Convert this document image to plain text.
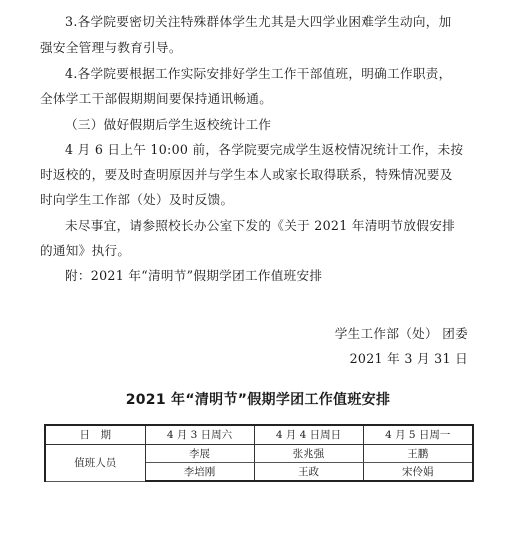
3.各学院要密切关注特殊群体学生尤其是大四学业困难学生动向，加
强安全管理与教育引导。
4.各学院要根据工作实际安排好学生工作干部值班，明确工作职责，
全体学工干部假期期间要保持通讯畅通。
（三）做好假期后学生返校统计工作
4 月 6 日上午 10:00 前，各学院要完成学生返校情况统计工作，未按
时返校的，要及时查明原因并与学生本人或家长取得联系，特殊情况要及
时向学生工作部（处）及时反馈。
未尽事宜，请参照校长办公室下发的《关于 2021 年清明节放假安排
的通知》执行。
附：2021 年“清明节”假期学团工作值班安排
学生工作部（处） 团委
2021 年 3 月 31 日
2021 年“清明节”假期学团工作值班安排
日　期	4 月 3 日周六	4 月 4 日周日	4 月 5 日周一
值班人员	李展	张兆强	王鹏
	李培刚	王政	宋伶娟
